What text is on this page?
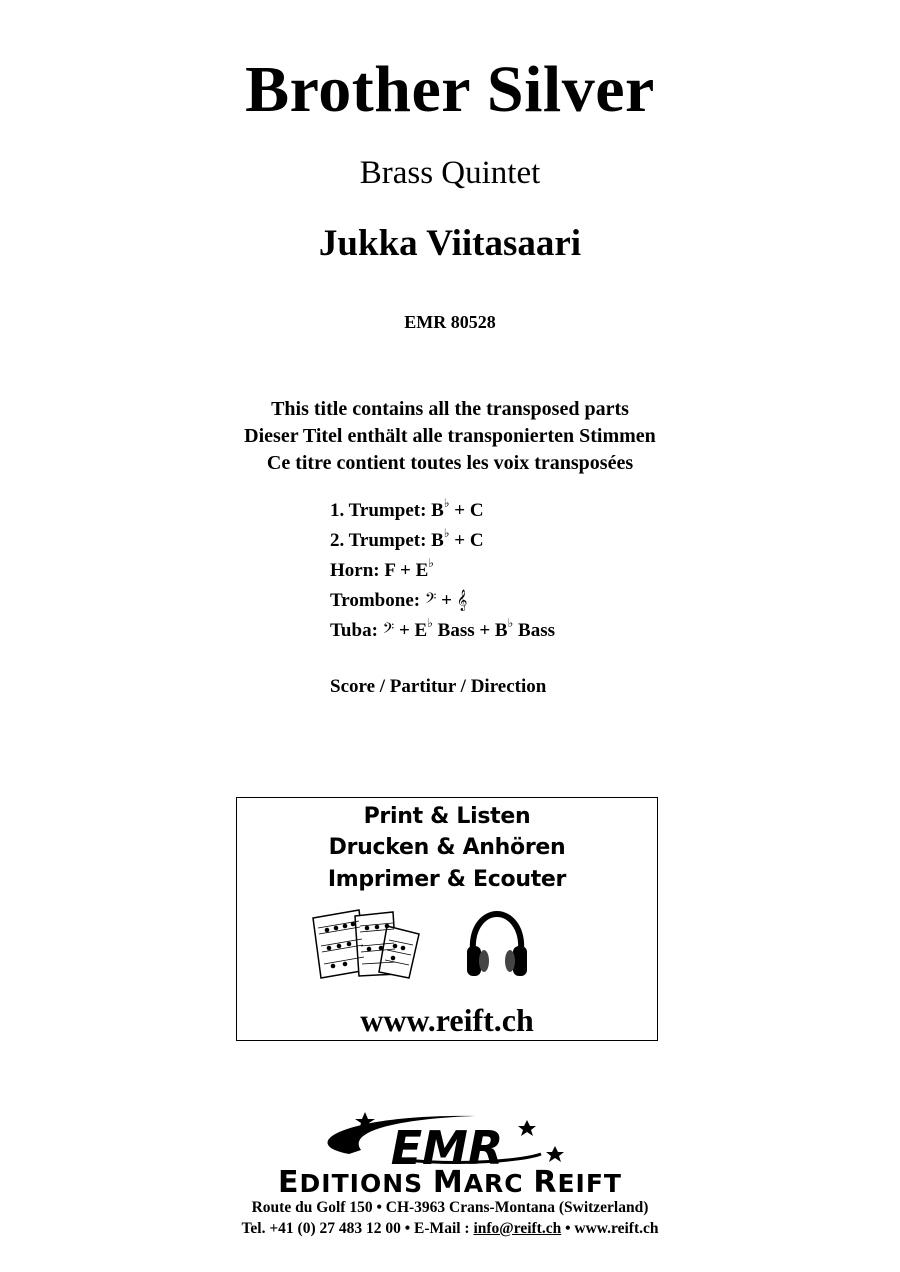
Brother Silver
Brass Quintet
Jukka Viitasaari
EMR 80528
This title contains all the transposed parts
Dieser Titel enthält alle transponierten Stimmen
Ce titre contient toutes les voix transposées
1. Trumpet: B♭ + C
2. Trumpet: B♭ + C
Horn: F + E♭
Trombone: 𝄢 + 𝄞
Tuba: 𝄢 + E♭ Bass + B♭ Bass
Score / Partitur / Direction
Print & Listen
Drucken & Anhören
Imprimer & Ecouter
www.reift.ch
EMR
EDITIONS MARC REIFT
Route du Golf 150 • CH-3963 Crans-Montana (Switzerland)
Tel. +41 (0) 27 483 12 00 • E-Mail : info@reift.ch • www.reift.ch
